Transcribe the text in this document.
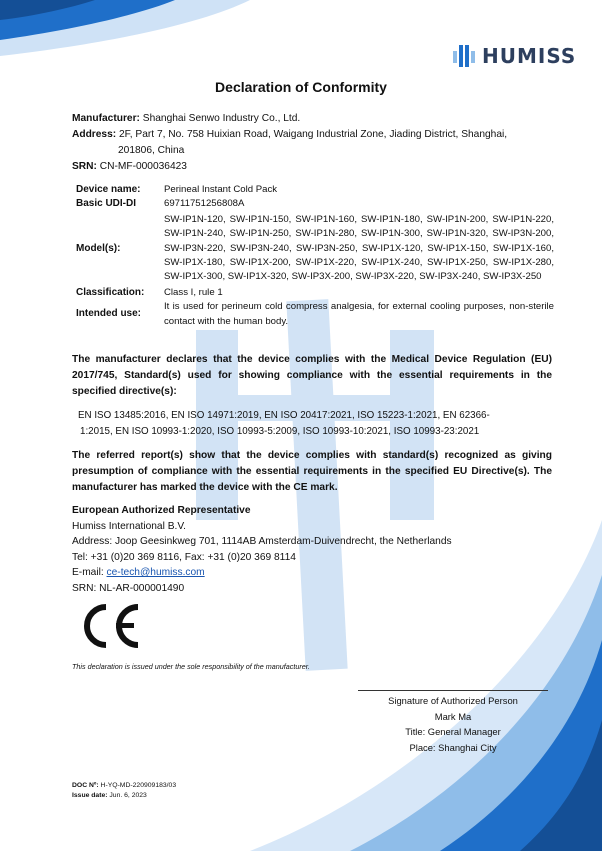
HUMISS
Declaration of Conformity
Manufacturer: Shanghai Senwo Industry Co., Ltd.
Address: 2F, Part 7, No. 758 Huixian Road, Waigang Industrial Zone, Jiading District, Shanghai,
201806, China
SRN: CN-MF-000036423
Device name:	Perineal Instant Cold Pack
Basic UDI-DI	69711751256808A
Model(s):	SW-IP1N-120, SW-IP1N-150, SW-IP1N-160, SW-IP1N-180, SW-IP1N-200, SW-IP1N-220, SW-IP1N-240, SW-IP1N-250, SW-IP1N-280, SW-IP1N-300, SW-IP1N-320, SW-IP3N-200, SW-IP3N-220, SW-IP3N-240, SW-IP3N-250, SW-IP1X-120, SW-IP1X-150, SW-IP1X-160, SW-IP1X-180, SW-IP1X-200, SW-IP1X-220, SW-IP1X-240, SW-IP1X-250, SW-IP1X-280, SW-IP1X-300, SW-IP1X-320, SW-IP3X-200, SW-IP3X-220, SW-IP3X-240, SW-IP3X-250
Classification:	Class I, rule 1
Intended use:	It is used for perineum cold compress analgesia, for external cooling purposes, non-sterile contact with the human body.
The manufacturer declares that the device complies with the Medical Device Regulation (EU) 2017/745, Standard(s) used for showing compliance with the essential requirements in the specified directive(s):
EN ISO 13485:2016, EN ISO 14971:2019, EN ISO 20417:2021, ISO 15223-1:2021, EN 62366-
1:2015, EN ISO 10993-1:2020, ISO 10993-5:2009, ISO 10993-10:2021, ISO 10993-23:2021
The referred report(s) show that the device complies with standard(s) recognized as giving presumption of compliance with the essential requirements in the specified EU Directive(s). The manufacturer has marked the device with the CE mark.
European Authorized Representative
Humiss International B.V.
Address: Joop Geesinkweg 701, 1114AB Amsterdam-Duivendrecht, the Netherlands
Tel: +31 (0)20 369 8116, Fax: +31 (0)20 369 8114
E-mail: ce-tech@humiss.com
SRN: NL-AR-000001490
CE
This declaration is issued under the sole responsibility of the manufacturer.
Signature of Authorized Person
Mark Ma
Title: General Manager
Place: Shanghai City
DOC Nº: H-YQ-MD-220909183/03
Issue date: Jun. 6, 2023
